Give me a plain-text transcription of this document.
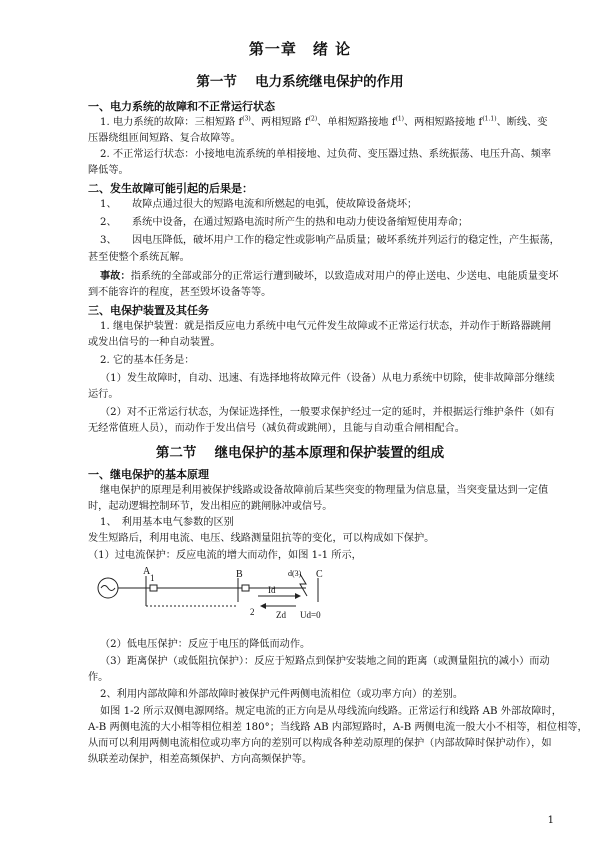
第一章　绪 论
第一节　 电力系统继电保护的作用
一、电力系统的故障和不正常运行状态
1. 电力系统的故障：三相短路 $f^{(3)}$、两相短路 $f^{(2)}$、单相短路接地 $f^{(1)}$、两相短路接地 $f^{(1.1)}$、断线、变
压器绕组匝间短路、复合故障等。
2. 不正常运行状态：小接地电流系统的单相接地、过负荷、变压器过热、系统振荡、电压升高、频率
降低等。
二、发生故障可能引起的后果是：
1、　　故障点通过很大的短路电流和所燃起的电弧，使故障设备烧坏；
2、　　系统中设备，在通过短路电流时所产生的热和电动力使设备缩短使用寿命；
3、　　因电压降低，破坏用户工作的稳定性或影响产品质量；破坏系统并列运行的稳定性，产生振荡，
甚至使整个系统瓦解。
事故：指系统的全部或部分的正常运行遭到破坏，以致造成对用户的停止送电、少送电、电能质量变坏
到不能容许的程度，甚至毁坏设备等等。
三、电保护装置及其任务
1. 继电保护装置：就是指反应电力系统中电气元件发生故障或不正常运行状态，并动作于断路器跳闸
或发出信号的一种自动装置。
2. 它的基本任务是：
（1）发生故障时，自动、迅速、有选择地将故障元件（设备）从电力系统中切除，使非故障部分继续
运行。
（2）对不正常运行状态，为保证选择性，一般要求保护经过一定的延时，并根据运行维护条件（如有
无经常值班人员），而动作于发出信号（减负荷或跳闸），且能与自动重合闸相配合。
第二节　 继电保护的基本原理和保护装置的组成
一、继电保护的基本原理
继电保护的原理是利用被保护线路或设备故障前后某些突变的物理量为信息量，当突变量达到一定值
时，起动逻辑控制环节，发出相应的跳闸脉冲或信号。
1、　利用基本电气参数的区别
发生短路后，利用电流、电压、线路测量阻抗等的变化，可以构成如下保护。
（1）过电流保护：反应电流的增大而动作，如图 1-1 所示，
A	B	C
1
2
Id
d(3)
Zd Ud=0
（2）低电压保护：反应于电压的降低而动作。
（3）距离保护（或低阻抗保护）：反应于短路点到保护安装地之间的距离（或测量阻抗的减小）而动
作。
2、利用内部故障和外部故障时被保护元件两侧电流相位（或功率方向）的差别。
如图 1-2 所示双侧电源网络。规定电流的正方向是从母线流向线路。正常运行和线路 AB 外部故障时，
A-B 两侧电流的大小相等相位相差 180°；当线路 AB 内部短路时，A-B 两侧电流一般大小不相等，相位相等，
从而可以利用两侧电流相位或功率方向的差别可以构成各种差动原理的保护（内部故障时保护动作），如
纵联差动保护，相差高频保护、方向高频保护等。
1
